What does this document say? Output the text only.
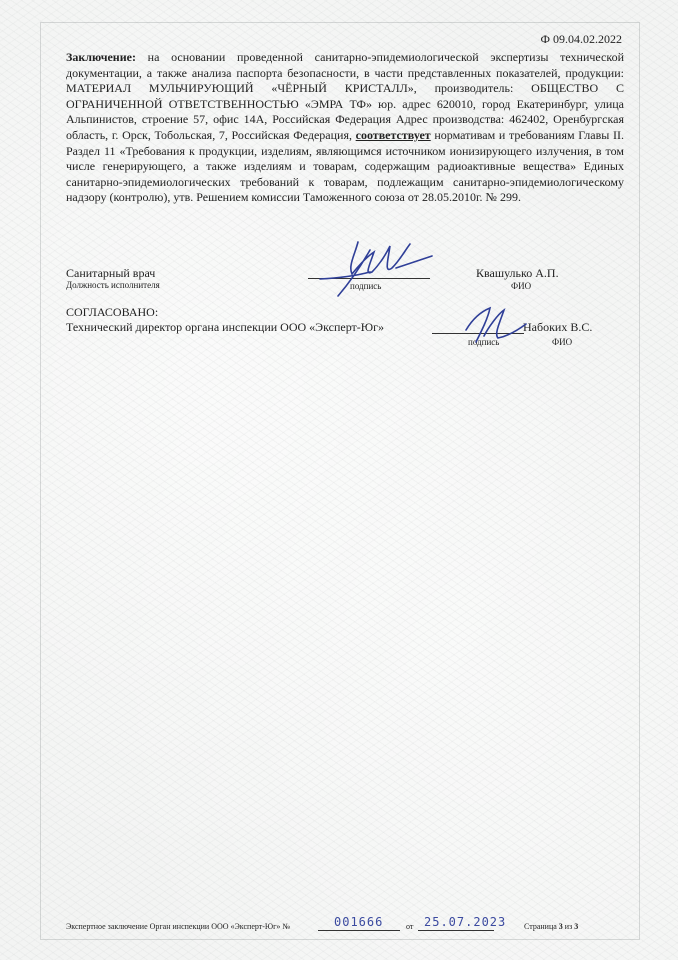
Ф 09.04.02.2022

Заключение: на основании проведенной санитарно-эпидемиологической экспертизы технической документации, а также анализа паспорта безопасности, в части представленных показателей, продукции: МАТЕРИАЛ МУЛЬЧИРУЮЩИЙ «ЧЁРНЫЙ КРИСТАЛЛ», производитель: ОБЩЕСТВО С ОГРАНИЧЕННОЙ ОТВЕТСТВЕННОСТЬЮ «ЭМРА ТФ» юр. адрес 620010, город Екатеринбург, улица Альпинистов, строение 57, офис 14А, Российская Федерация Адрес производства: 462402, Оренбургская область, г. Орск, Тобольская, 7, Российская Федерация, соответствует нормативам и требованиям Главы II. Раздел 11 «Требования к продукции, изделиям, являющимся источником ионизирующего излучения, в том числе генерирующего, а также изделиям и товарам, содержащим радиоактивные вещества» Единых санитарно-эпидемиологических требований к товарам, подлежащим санитарно-эпидемиологическому надзору (контролю), утв. Решением комиссии Таможенного союза от 28.05.2010г. № 299.

Санитарный врач	Квашулько А.П.
Должность исполнителя	подпись	ФИО
СОГЛАСОВАНО:
Технический директор органа инспекции ООО «Эксперт-Юг»	Набоких В.С.
подпись	ФИО
Экспертное заключение Орган инспекции ООО «Эксперт-Юг» №	001666	от 25.07.2023 Страница 3 из 3
